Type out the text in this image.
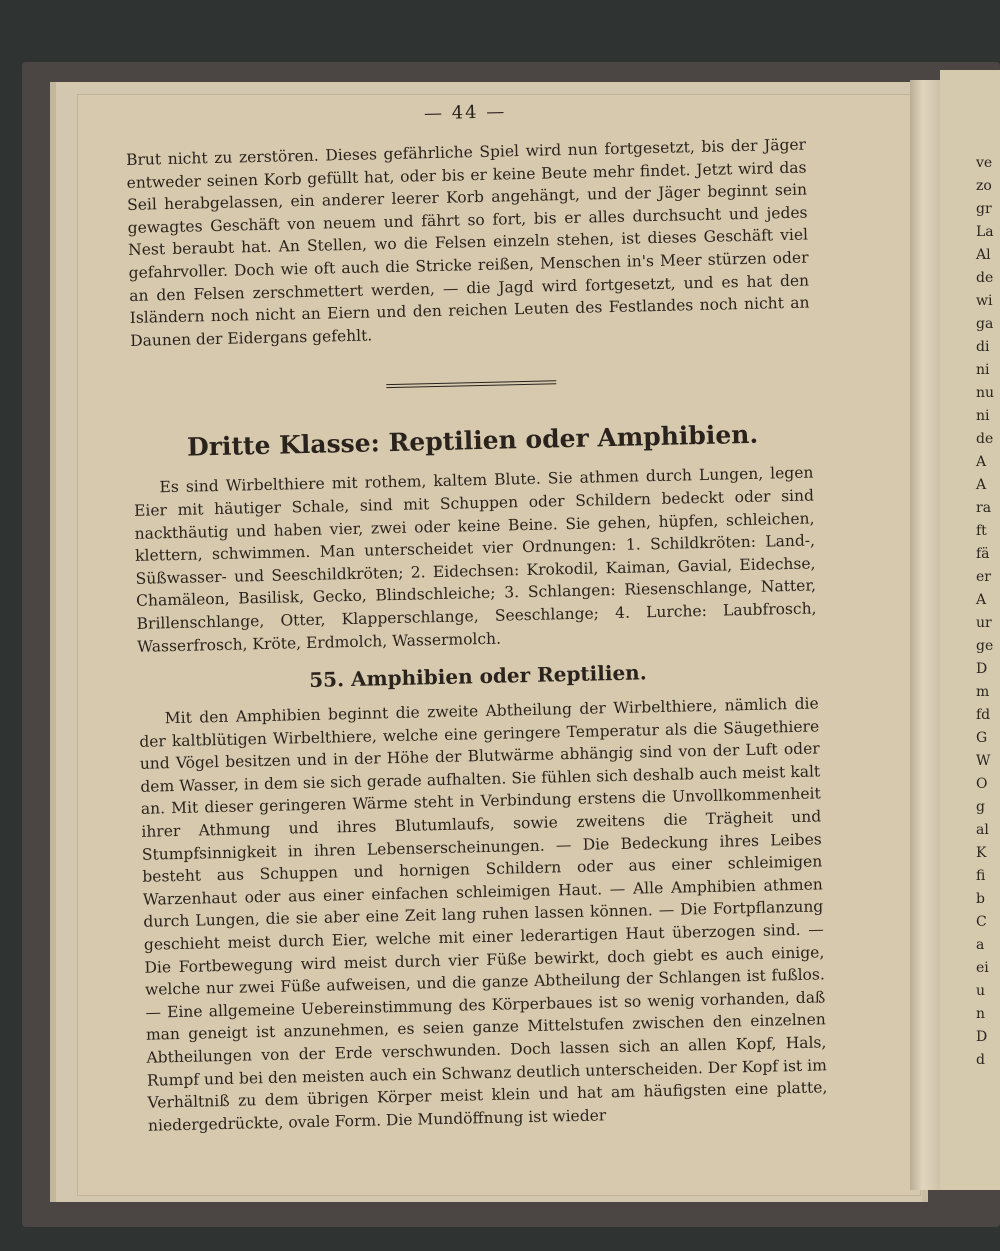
ve
zo
gr
La
Al
de
wi
ga
di
ni
nu
ni
de
A
A
ra
ft
fä
er
A
ur
ge
D
m
fd
G
W
O
g
al
K
fi
b
C
a
ei
u
n
D
d
— 44 —

Brut nicht zu zerstören. Dieses gefährliche Spiel wird nun fortgesetzt, bis der Jäger entweder seinen Korb gefüllt hat, oder bis er keine Beute mehr findet. Jetzt wird das Seil herabgelassen, ein anderer leerer Korb angehängt, und der Jäger beginnt sein gewagtes Geschäft von neuem und fährt so fort, bis er alles durchsucht und jedes Nest beraubt hat. An Stellen, wo die Felsen einzeln stehen, ist dieses Geschäft viel gefahrvoller. Doch wie oft auch die Stricke reißen, Menschen in's Meer stürzen oder an den Felsen zerschmettert werden, — die Jagd wird fortgesetzt, und es hat den Isländern noch nicht an Eiern und den reichen Leuten des Festlandes noch nicht an Daunen der Eidergans gefehlt.

Dritte Klasse: Reptilien oder Amphibien.

Es sind Wirbelthiere mit rothem, kaltem Blute. Sie athmen durch Lungen, legen Eier mit häutiger Schale, sind mit Schuppen oder Schildern bedeckt oder sind nackthäutig und haben vier, zwei oder keine Beine. Sie gehen, hüpfen, schleichen, klettern, schwimmen. Man unterscheidet vier Ordnungen: 1. Schildkröten: Land-, Süßwasser- und Seeschildkröten; 2. Eidechsen: Krokodil, Kaiman, Gavial, Eidechse, Chamäleon, Basilisk, Gecko, Blindschleiche; 3. Schlangen: Riesenschlange, Natter, Brillenschlange, Otter, Klapperschlange, Seeschlange; 4. Lurche: Laubfrosch, Wasserfrosch, Kröte, Erdmolch, Wassermolch.

55. Amphibien oder Reptilien.

Mit den Amphibien beginnt die zweite Abtheilung der Wirbelthiere, nämlich die der kaltblütigen Wirbelthiere, welche eine geringere Temperatur als die Säugethiere und Vögel besitzen und in der Höhe der Blutwärme abhängig sind von der Luft oder dem Wasser, in dem sie sich gerade aufhalten. Sie fühlen sich deshalb auch meist kalt an. Mit dieser geringeren Wärme steht in Verbindung erstens die Unvollkommenheit ihrer Athmung und ihres Blutumlaufs, sowie zweitens die Trägheit und Stumpfsinnigkeit in ihren Lebenserscheinungen. — Die Bedeckung ihres Leibes besteht aus Schuppen und hornigen Schildern oder aus einer schleimigen Warzenhaut oder aus einer einfachen schleimigen Haut. — Alle Amphibien athmen durch Lungen, die sie aber eine Zeit lang ruhen lassen können. — Die Fortpflanzung geschieht meist durch Eier, welche mit einer lederartigen Haut überzogen sind. — Die Fortbewegung wird meist durch vier Füße bewirkt, doch giebt es auch einige, welche nur zwei Füße aufweisen, und die ganze Abtheilung der Schlangen ist fußlos. — Eine allgemeine Uebereinstimmung des Körperbaues ist so wenig vorhanden, daß man geneigt ist anzunehmen, es seien ganze Mittelstufen zwischen den einzelnen Abtheilungen von der Erde verschwunden. Doch lassen sich an allen Kopf, Hals, Rumpf und bei den meisten auch ein Schwanz deutlich unterscheiden. Der Kopf ist im Verhältniß zu dem übrigen Körper meist klein und hat am häufigsten eine platte, niedergedrückte, ovale Form. Die Mundöffnung ist wieder
